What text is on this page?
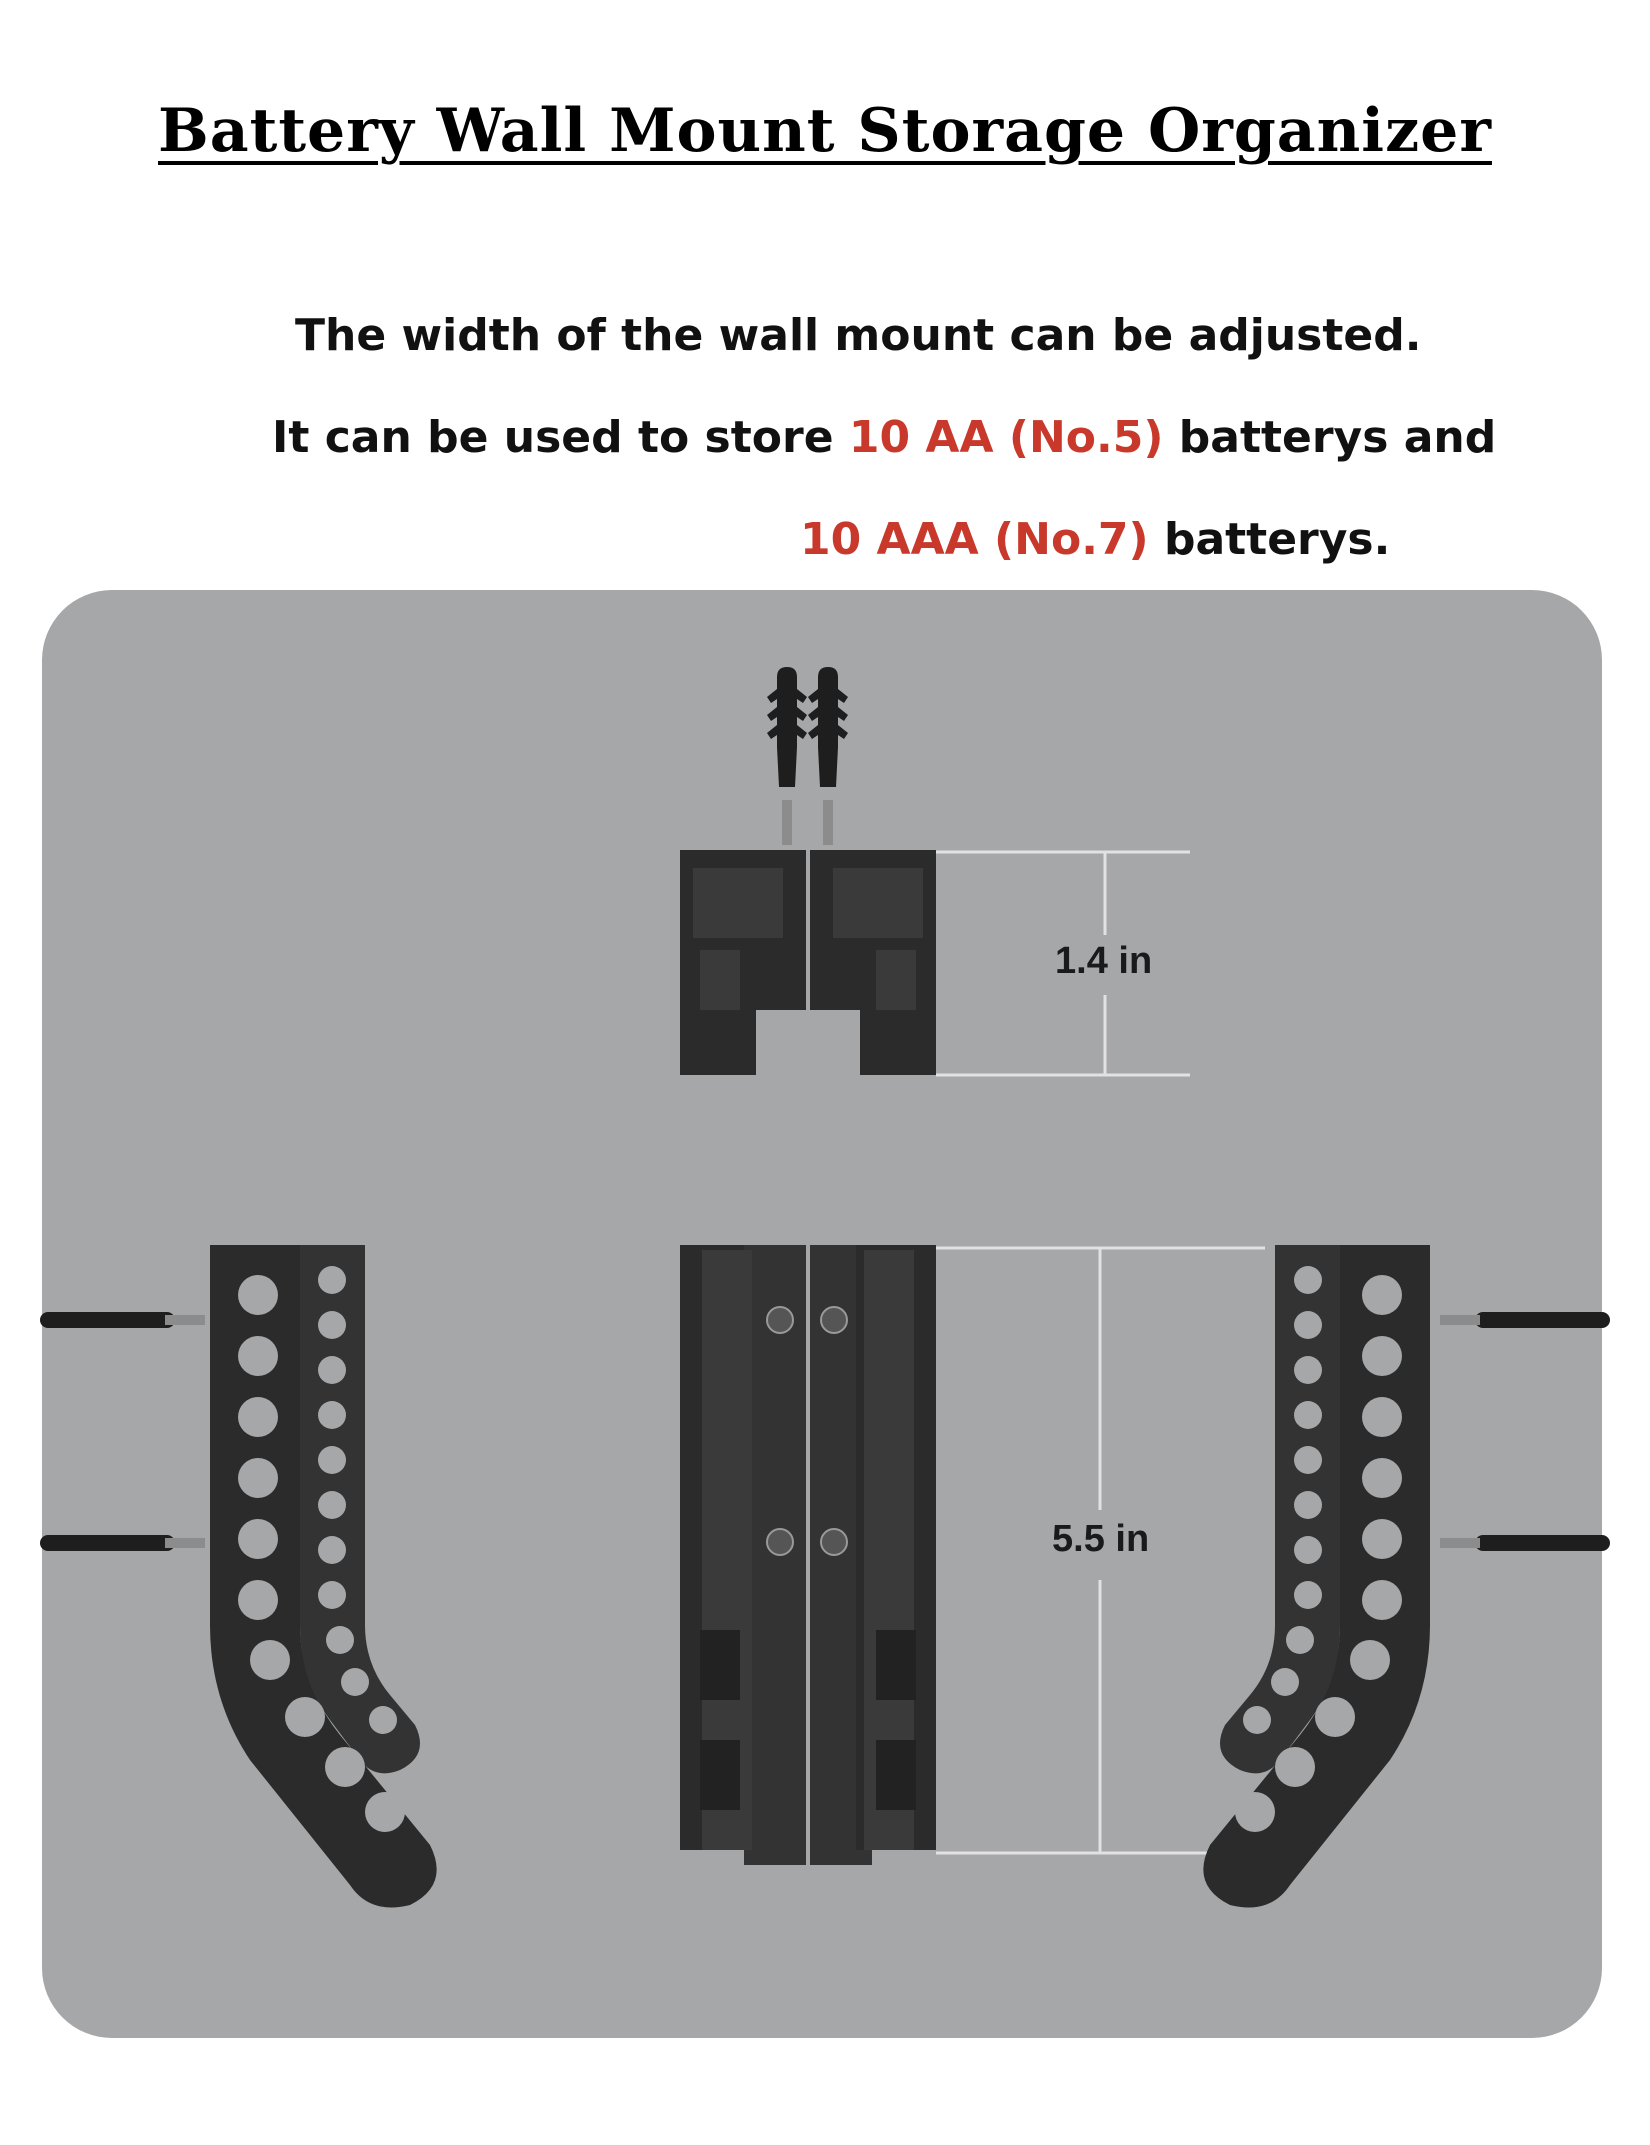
Battery Wall Mount Storage Organizer
The width of the wall mount can be adjusted.
It can be used to store 10 AA (No.5) batterys and
10 AAA (No.7) batterys.
1.4 in
5.5 in
